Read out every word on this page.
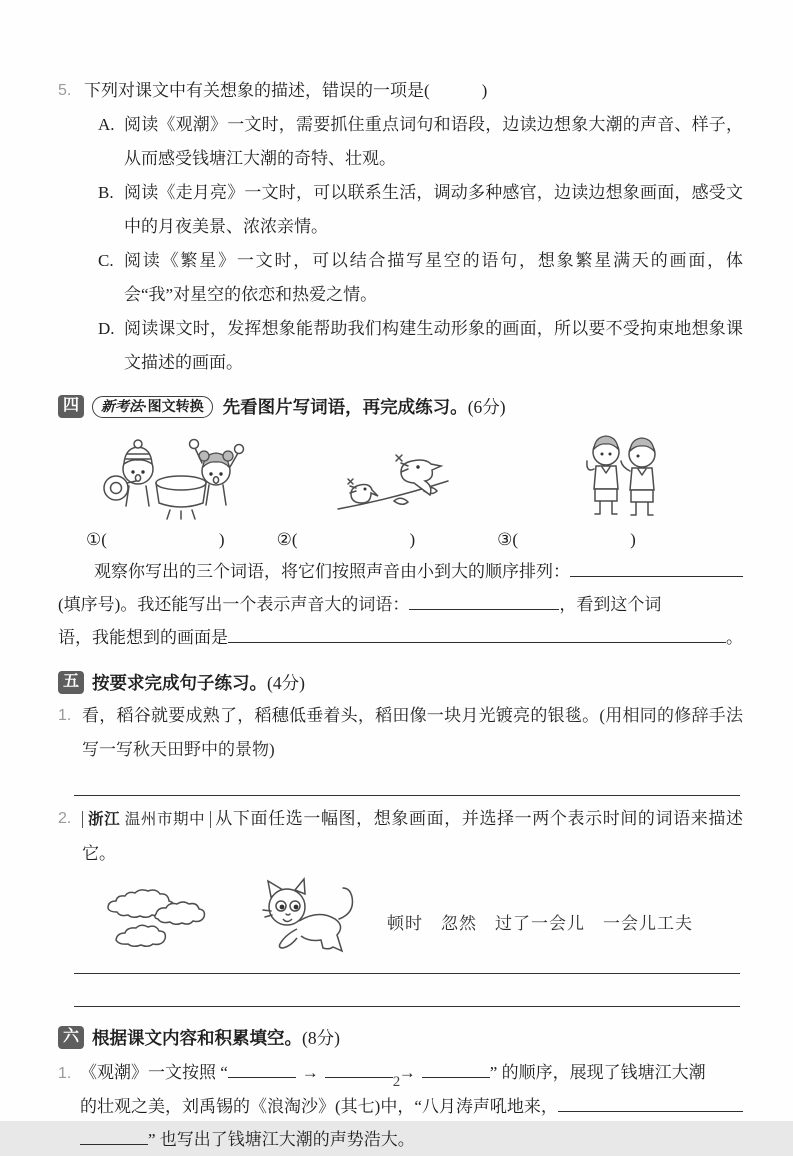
5. 下列对课文中有关想象的描述，错误的一项是(	)
A. 阅读《观潮》一文时，需要抓住重点词句和语段，边读边想象大潮的声音、样子，从而感受钱塘江大潮的奇特、壮观。
B. 阅读《走月亮》一文时，可以联系生活，调动多种感官，边读边想象画面，感受文中的月夜美景、浓浓亲情。
C. 阅读《繁星》一文时，可以结合描写星空的语句，想象繁星满天的画面，体会“我”对星空的依恋和热爱之情。
D. 阅读课文时，发挥想象能帮助我们构建生动形象的画面，所以要不受拘束地想象课文描述的画面。
四	新考法·图文转换	先看图片写词语，再完成练习。(6分)
①(	)	②(	)	③(	)
观察你写出的三个词语，将它们按照声音由小到大的顺序排列：
(填序号)。我还能写出一个表示声音大的词语：	，看到这个词
语，我能想到的画面是	。
五 按要求完成句子练习。(4分)
1. 看，稻谷就要成熟了，稻穗低垂着头，稻田像一块月光镀亮的银毯。(用相同的修辞手法写一写秋天田野中的景物)
2.	浙江 温州市期中 从下面任选一幅图，想象画面，并选择一两个表示时间的词语来描述它。
顿时　忽然　过了一会儿　一会儿工夫
六 根据课文内容和积累填空。(8分)
1. 《观潮》一文按照 “	→	→	” 的顺序，展现了钱塘江大潮
的壮观之美，刘禹锡的《浪淘沙》(其七)中，“八月涛声吼地来，
” 也写出了钱塘江大潮的声势浩大。
2
